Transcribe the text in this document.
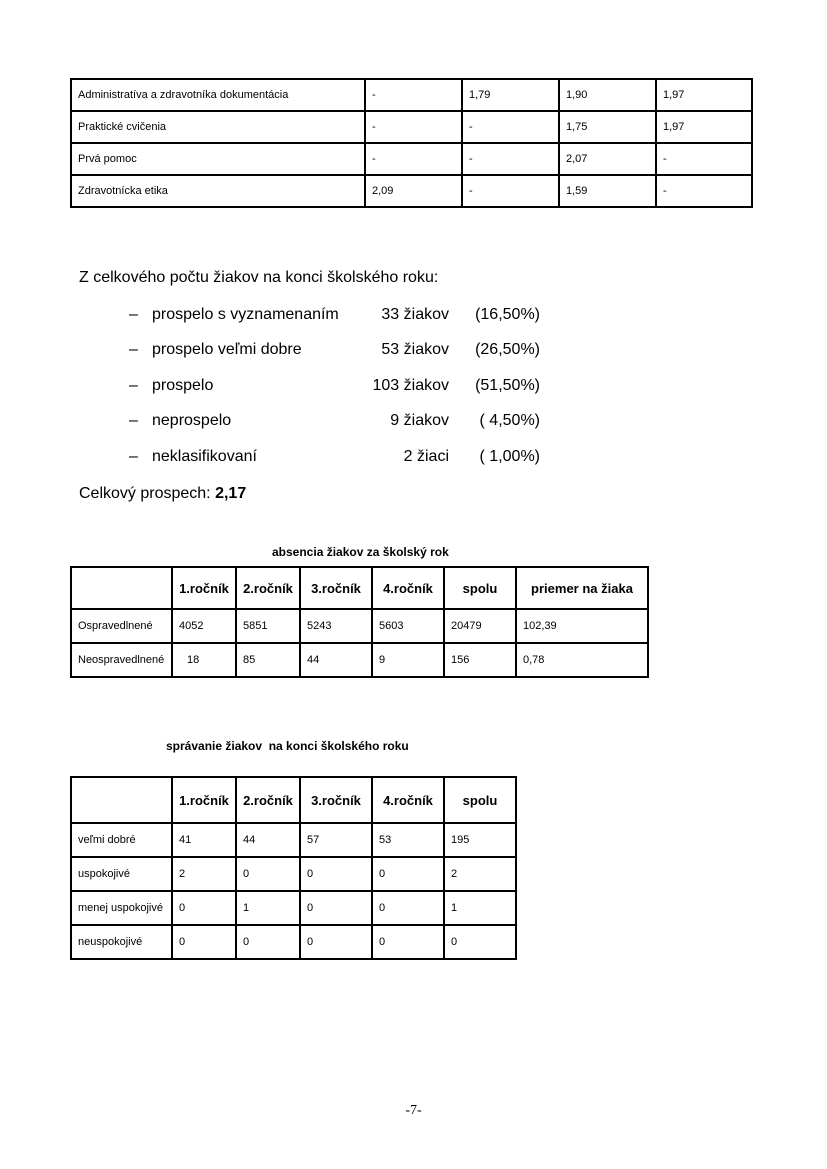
Administratíva a zdravotníka dokumentácia	-	1,79	1,90	1,97
Praktické cvičenia	-	-	1,75	1,97
Prvá pomoc	-	-	2,07	-
Zdravotnícka etika	2,09	-	1,59	-
Z celkového počtu žiakov na konci školského roku:
– prospelo s vyznamenaním	33 žiakov (16,50%)
– prospelo veľmi dobre	53 žiakov (26,50%)
– prospelo	103 žiakov (51,50%)
– neprospelo	9 žiakov ( 4,50%)
– neklasifikovaní	2 žiaci ( 1,00%)
Celkový prospech: 2,17
absencia žiakov za školský rok
	1.ročník	2.ročník	3.ročník	4.ročník	spolu	priemer na žiaka
Ospravedlnené	4052	5851	5243	5603	20479	102,39
Neospravedlnené	18	85	44	9	156	0,78
správanie žiakov  na konci školského roku
	1.ročník	2.ročník	3.ročník	4.ročník	spolu
veľmi dobré	41	44	57	53	195
uspokojivé	2	0	0	0	2
menej uspokojivé	0	1	0	0	1
neuspokojivé	0	0	0	0	0
-7-
